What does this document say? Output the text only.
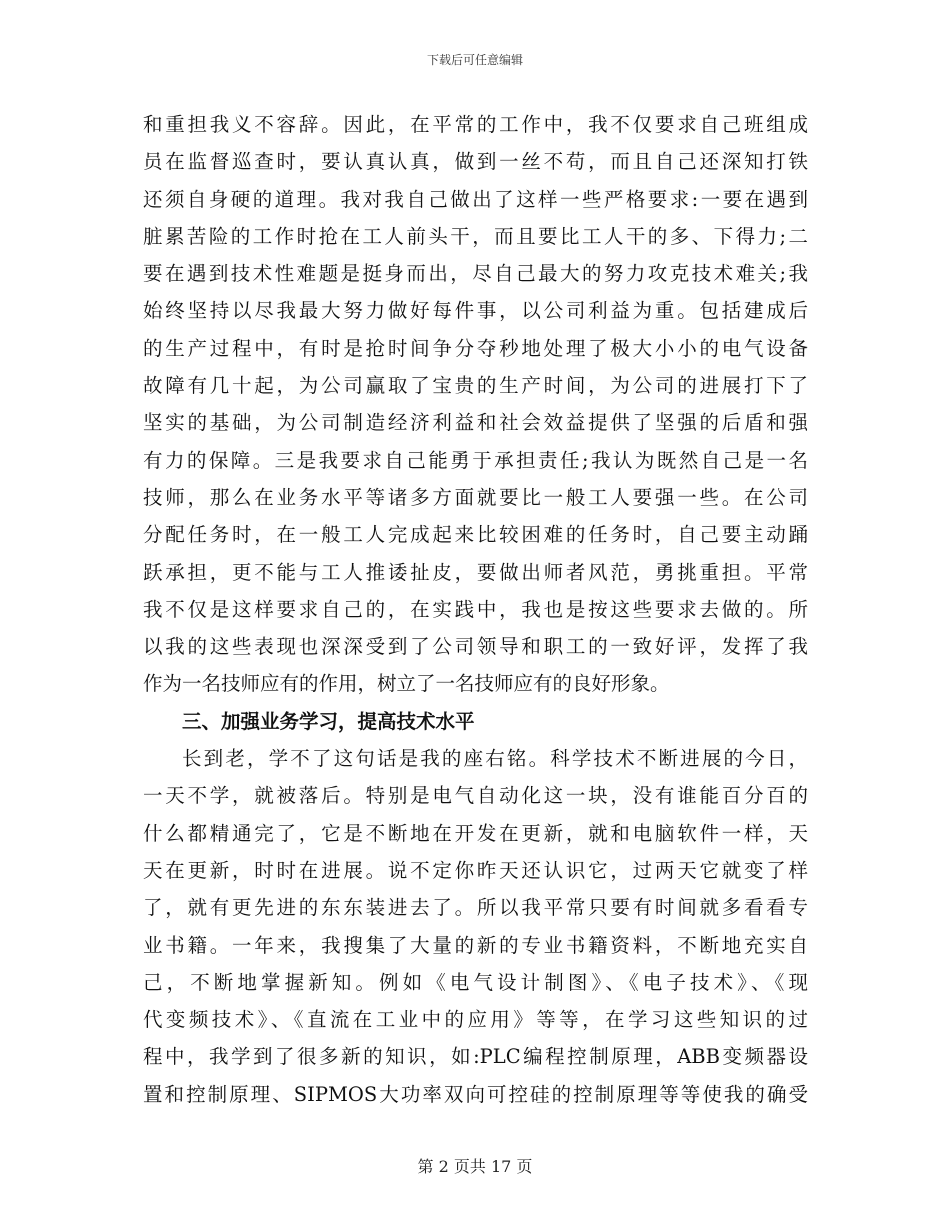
下载后可任意编辑
和重担我义不容辞。因此，在平常的工作中，我不仅要求自己班组成
员在监督巡查时，要认真认真，做到一丝不苟，而且自己还深知打铁
还须自身硬的道理。我对我自己做出了这样一些严格要求:一要在遇到
脏累苦险的工作时抢在工人前头干，而且要比工人干的多、下得力;二
要在遇到技术性难题是挺身而出，尽自己最大的努力攻克技术难关;我
始终坚持以尽我最大努力做好每件事，以公司利益为重。包括建成后
的生产过程中，有时是抢时间争分夺秒地处理了极大小小的电气设备
故障有几十起，为公司赢取了宝贵的生产时间，为公司的进展打下了
坚实的基础，为公司制造经济利益和社会效益提供了坚强的后盾和强
有力的保障。三是我要求自己能勇于承担责任;我认为既然自己是一名
技师，那么在业务水平等诸多方面就要比一般工人要强一些。在公司
分配任务时，在一般工人完成起来比较困难的任务时，自己要主动踊
跃承担，更不能与工人推诿扯皮，要做出师者风范，勇挑重担。平常
我不仅是这样要求自己的，在实践中，我也是按这些要求去做的。所
以我的这些表现也深深受到了公司领导和职工的一致好评，发挥了我
作为一名技师应有的作用，树立了一名技师应有的良好形象。
三、加强业务学习，提高技术水平
长到老，学不了这句话是我的座右铭。科学技术不断进展的今日，
一天不学，就被落后。特别是电气自动化这一块，没有谁能百分百的
什么都精通完了，它是不断地在开发在更新，就和电脑软件一样，天
天在更新，时时在进展。说不定你昨天还认识它，过两天它就变了样
了，就有更先进的东东装进去了。所以我平常只要有时间就多看看专
业书籍。一年来，我搜集了大量的新的专业书籍资料，不断地充实自
己，不断地掌握新知。例如《电气设计制图》、《电子技术》、《现
代变频技术》、《直流在工业中的应用》等等，在学习这些知识的过
程中，我学到了很多新的知识，如:PLC编程控制原理，ABB变频器设
置和控制原理、SIPMOS大功率双向可控硅的控制原理等等使我的确受
第 2 页共 17 页
